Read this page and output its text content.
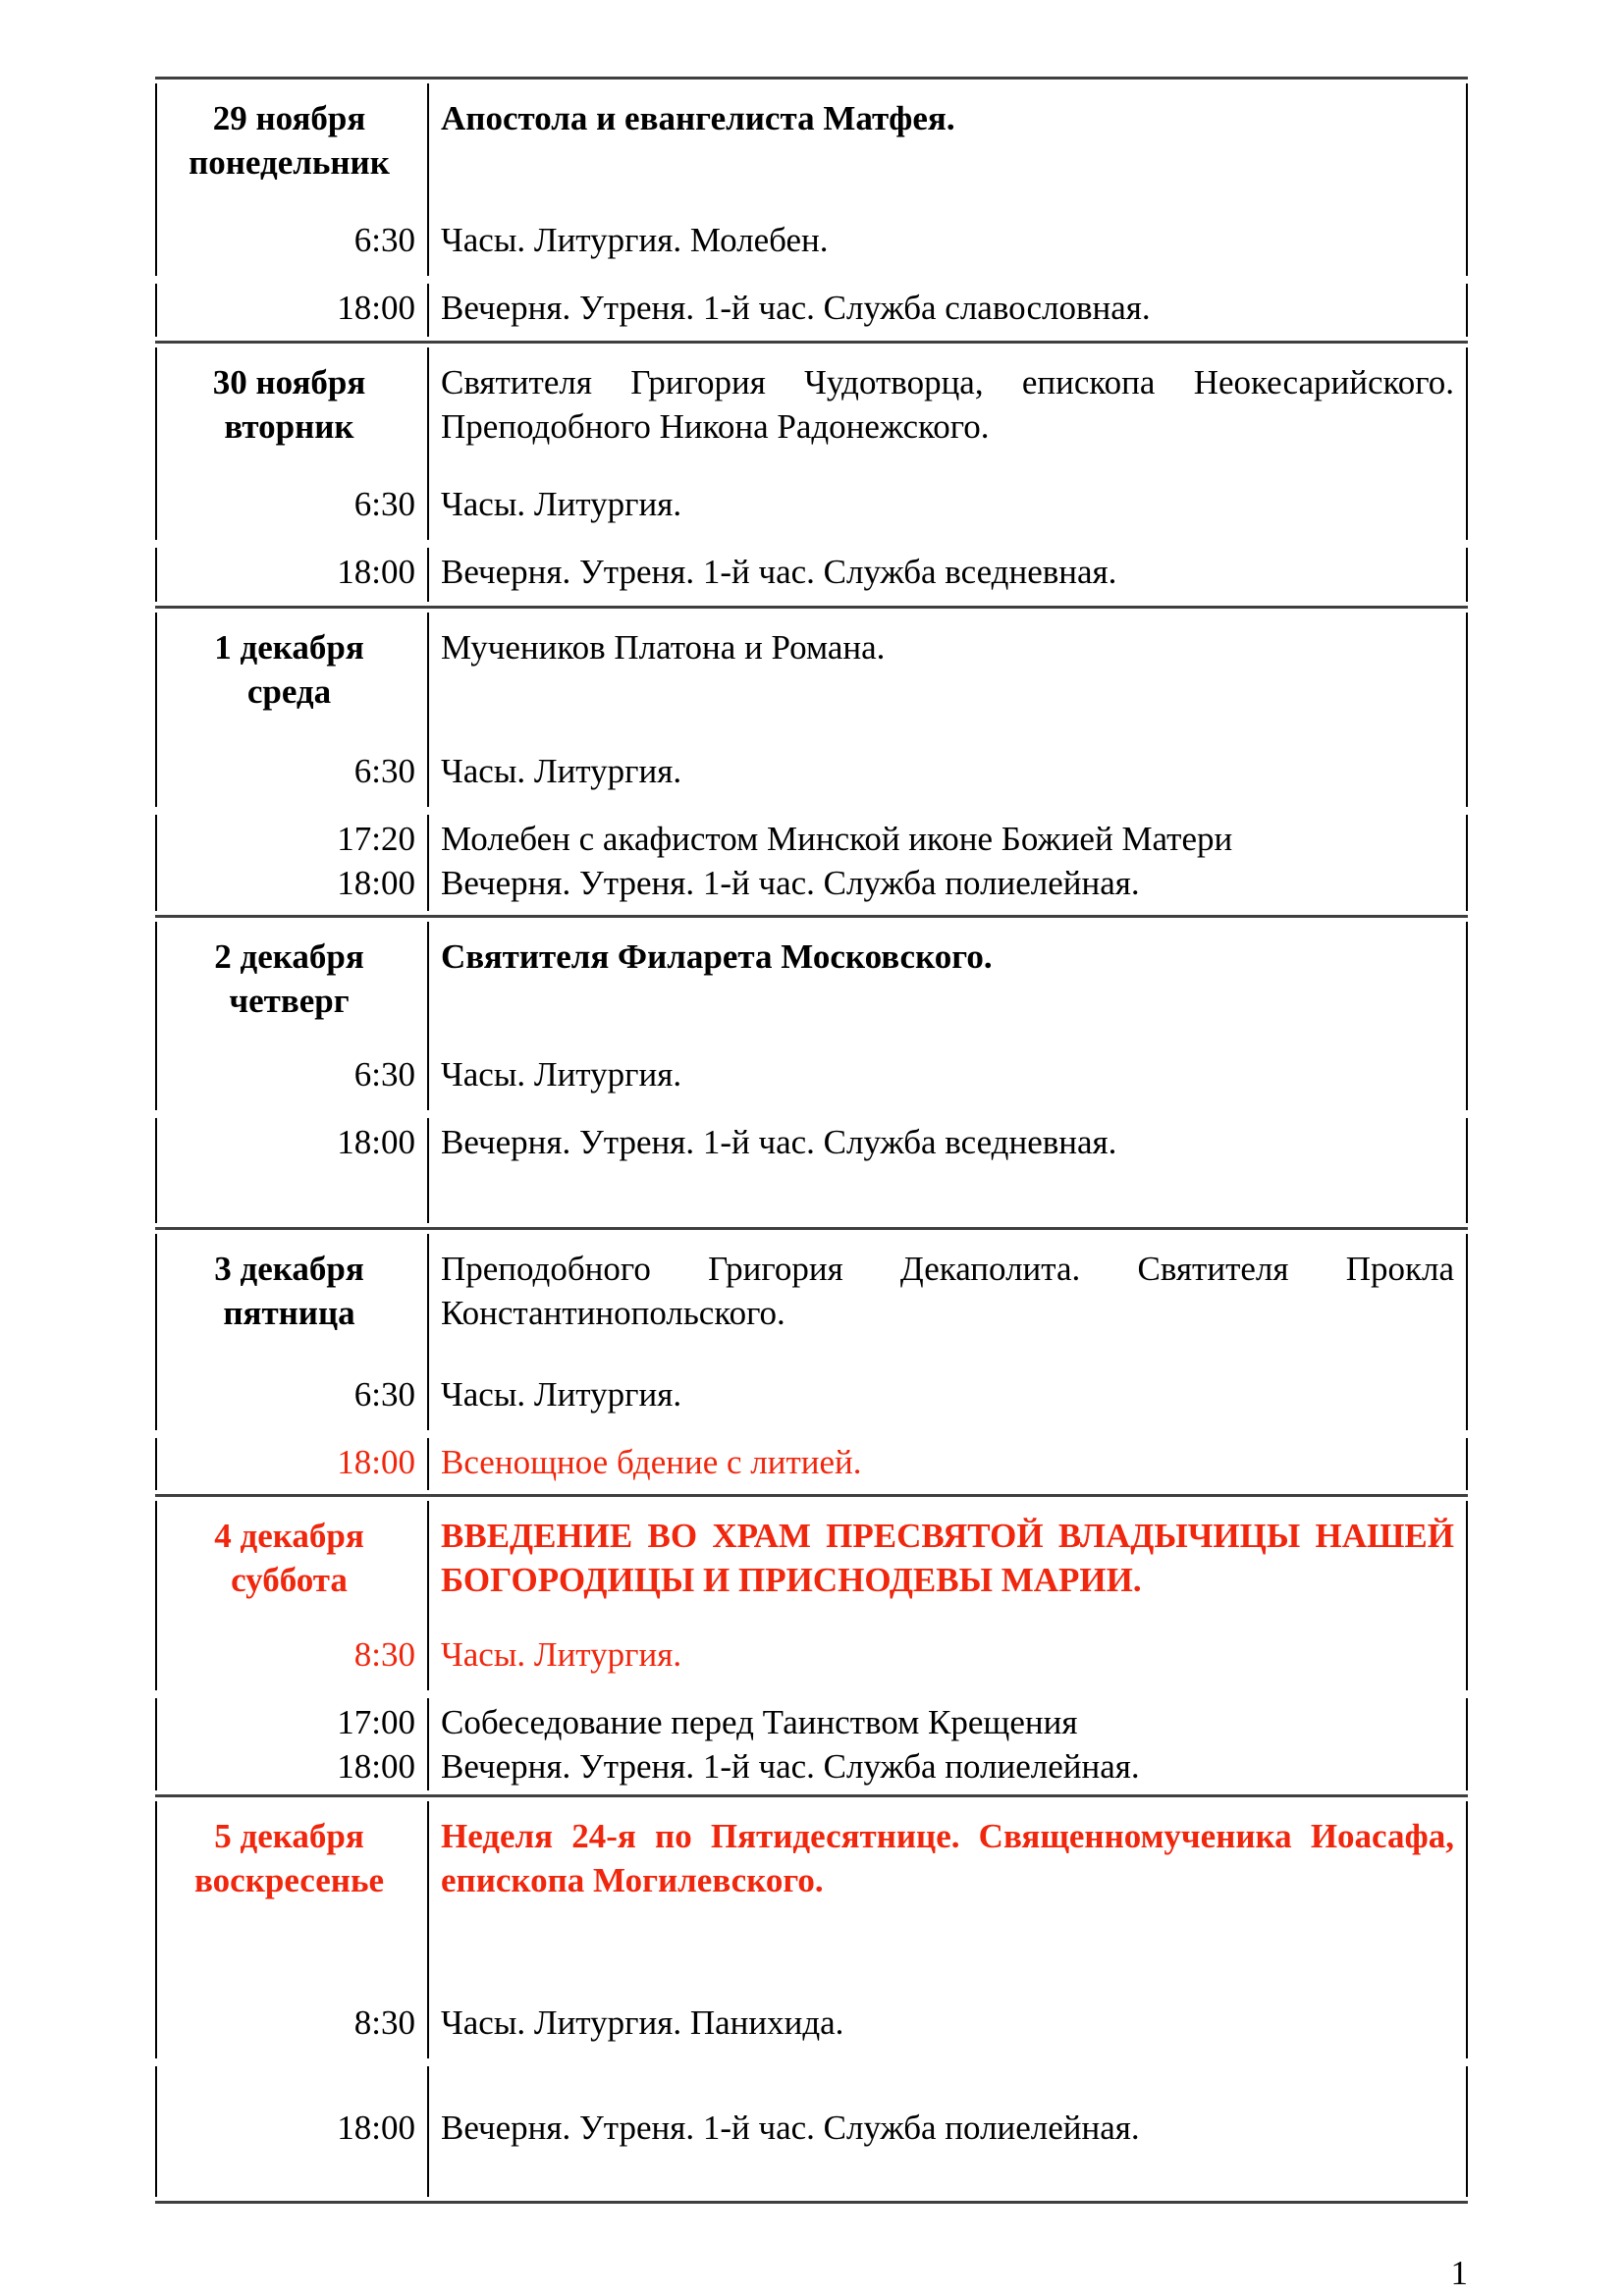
29 ноября
понедельник
6:30
Апостола и евангелиста Матфея.
Часы. Литургия. Молебен.
18:00 Вечерня. Утреня. 1-й час. Служба славословная.
30 ноября
вторник
6:30
Святителя Григория Чудотворца, епископа Неокесарийского. Преподобного Никона Радонежского.
Часы. Литургия.
18:00 Вечерня. Утреня. 1-й час. Служба вседневная.
1 декабря
среда
6:30
Мучеников Платона и Романа.
Часы. Литургия.
17:20
18:00
Молебен с акафистом Минской иконе Божией Матери
Вечерня. Утреня. 1-й час. Служба полиелейная.
2 декабря
четверг
6:30
Святителя Филарета Московского.
Часы. Литургия.
18:00 Вечерня. Утреня. 1-й час. Служба вседневная.
3 декабря
пятница
6:30
Преподобного Григория Декаполита. Святителя Прокла Константинопольского.
Часы. Литургия.
18:00 Всенощное бдение с литией.
4 декабря
суббота
8:30
ВВЕДЕНИЕ ВО ХРАМ ПРЕСВЯТОЙ ВЛАДЫЧИЦЫ НАШЕЙ БОГОРОДИЦЫ И ПРИСНОДЕВЫ МАРИИ.
Часы. Литургия.
17:00
18:00
Собеседование перед Таинством Крещения
Вечерня. Утреня. 1-й час. Служба полиелейная.
5 декабря
воскресенье
8:30
Неделя 24-я по Пятидесятнице. Священномученика Иоасафа, епископа Могилевского.
Часы. Литургия. Панихида.
18:00 Вечерня. Утреня. 1-й час. Служба полиелейная.
1
